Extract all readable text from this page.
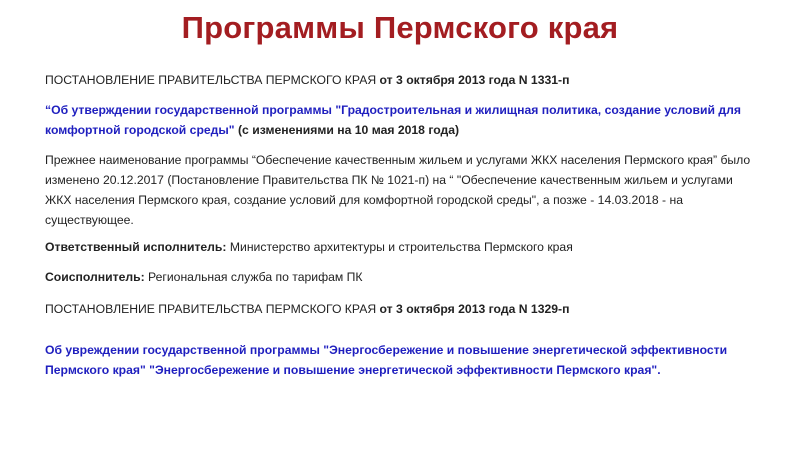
Программы Пермского края

ПОСТАНОВЛЕНИЕ ПРАВИТЕЛЬСТВА ПЕРМСКОГО КРАЯ от 3 октября 2013 года N 1331-п

“Об утверждении государственной программы "Градостроительная и жилищная политика, создание условий для комфортной городской среды" (с изменениями на 10 мая 2018 года)

Прежнее наименование программы “Обеспечение качественным жильем и услугами ЖКХ населения Пермского края” было изменено 20.12.2017 (Постановление Правительства ПК № 1021-п) на “ "Обеспечение качественным жильем и услугами ЖКХ населения Пермского края, создание условий для комфортной городской среды", а позже - 14.03.2018 - на существующее.

Ответственный исполнитель: Министерство архитектуры и строительства Пермского края

Соисполнитель: Региональная служба по тарифам ПК

ПОСТАНОВЛЕНИЕ ПРАВИТЕЛЬСТВА ПЕРМСКОГО КРАЯ от 3 октября 2013 года N 1329-п

Об увреждении государственной программы "Энергосбережение и повышение энергетической эффективности Пермского края" "Энергосбережение и повышение энергетической эффективности Пермского края".
